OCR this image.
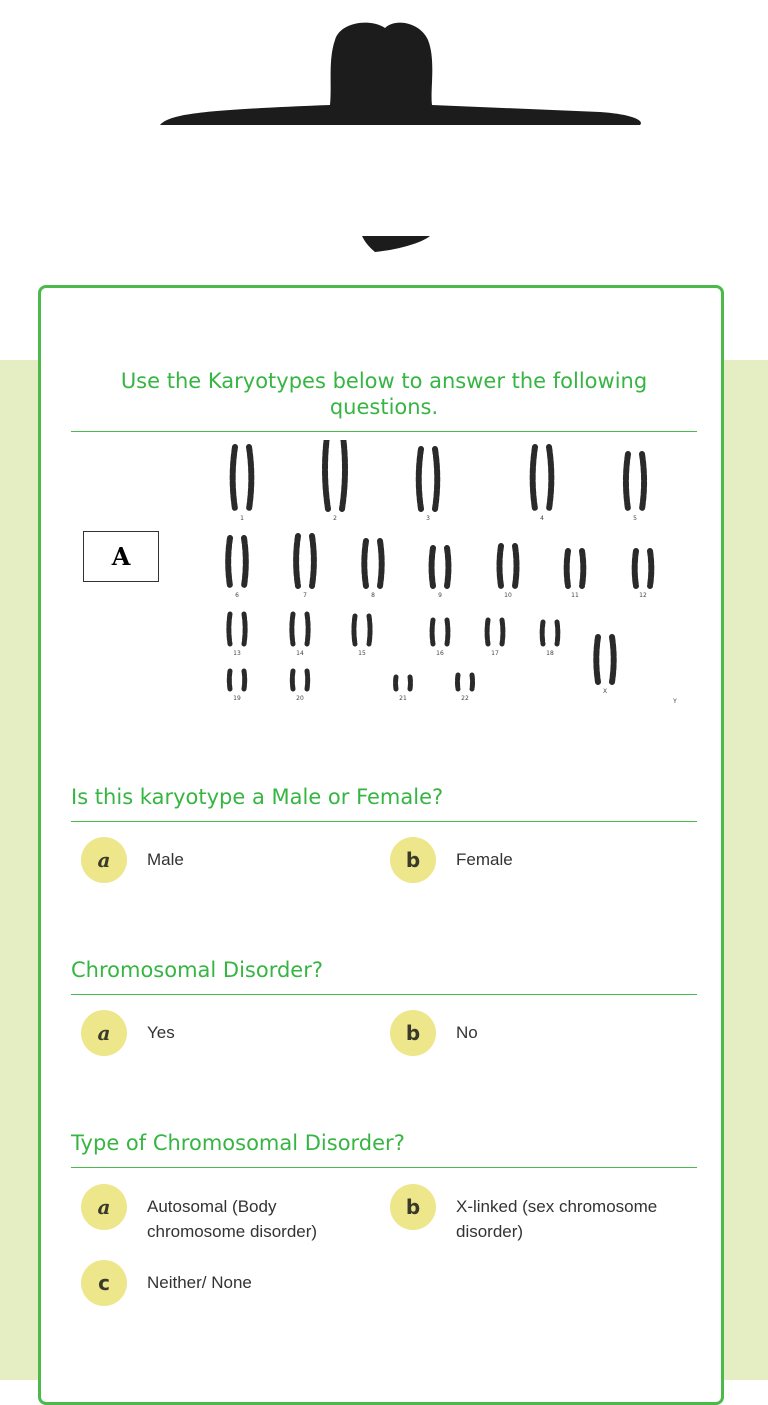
Use the Karyotypes below to answer the following questions.
A
1	2	3	4	5
6	7	8	9	10	11	12
13	14	15	16	17	18
19	20	21	22
X
Y
Is this karyotype a Male or Female?
a	Male	b	Female
Chromosomal Disorder?
a	Yes	b	No
Type of Chromosomal Disorder?
a	Autosomal (Body chromosome disorder)
b	X-linked (sex chromosome disorder)
c	Neither/ None
